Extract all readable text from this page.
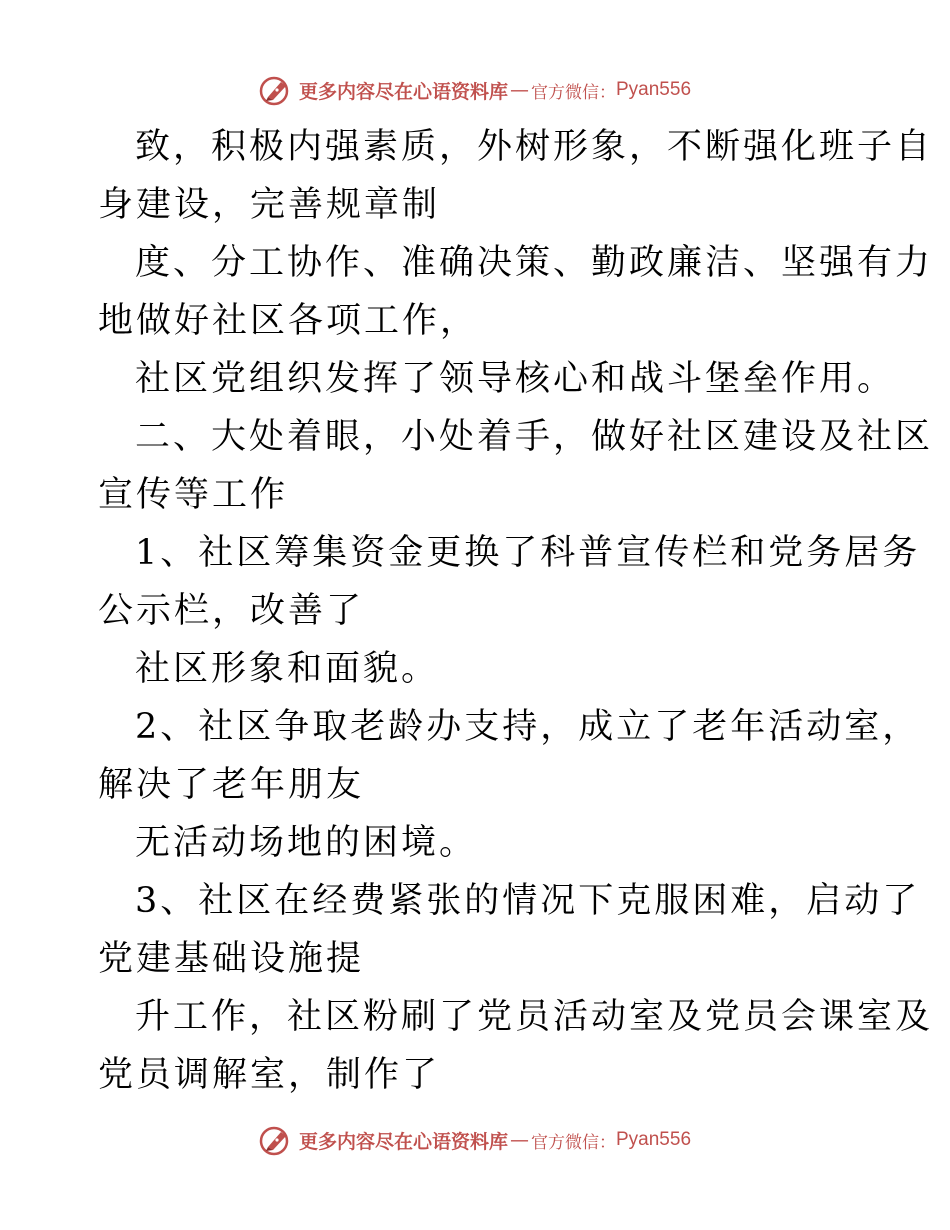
更多内容尽在心语资料库 — 官方微信： Pyan556
致，积极内强素质，外树形象，不断强化班子自
身建设，完善规章制
度、分工协作、准确决策、勤政廉洁、坚强有力
地做好社区各项工作，
社区党组织发挥了领导核心和战斗堡垒作用。
二、大处着眼，小处着手，做好社区建设及社区
宣传等工作
1、社区筹集资金更换了科普宣传栏和党务居务
公示栏，改善了
社区形象和面貌。
2、社区争取老龄办支持，成立了老年活动室，
解决了老年朋友
无活动场地的困境。
3、社区在经费紧张的情况下克服困难，启动了
党建基础设施提
升工作，社区粉刷了党员活动室及党员会课室及
党员调解室，制作了
更多内容尽在心语资料库 — 官方微信： Pyan556
